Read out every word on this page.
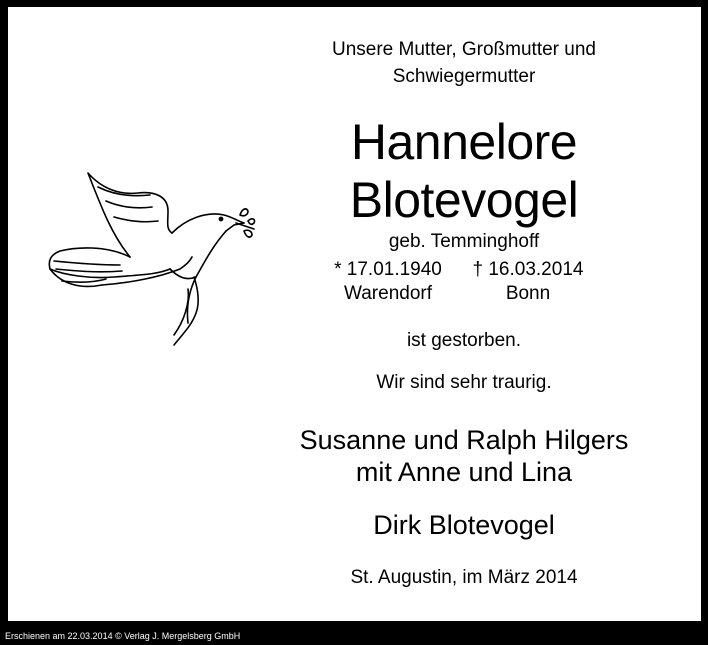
Unsere Mutter, Großmutter und
Schwiegermutter
Hannelore
Blotevogel
geb. Temminghoff
* 17.01.1940
Warendorf
† 16.03.2014
Bonn
ist gestorben.
Wir sind sehr traurig.
Susanne und Ralph Hilgers
mit Anne und Lina
Dirk Blotevogel
St. Augustin, im März 2014
Erschienen am 22.03.2014 © Verlag J. Mergelsberg GmbH
